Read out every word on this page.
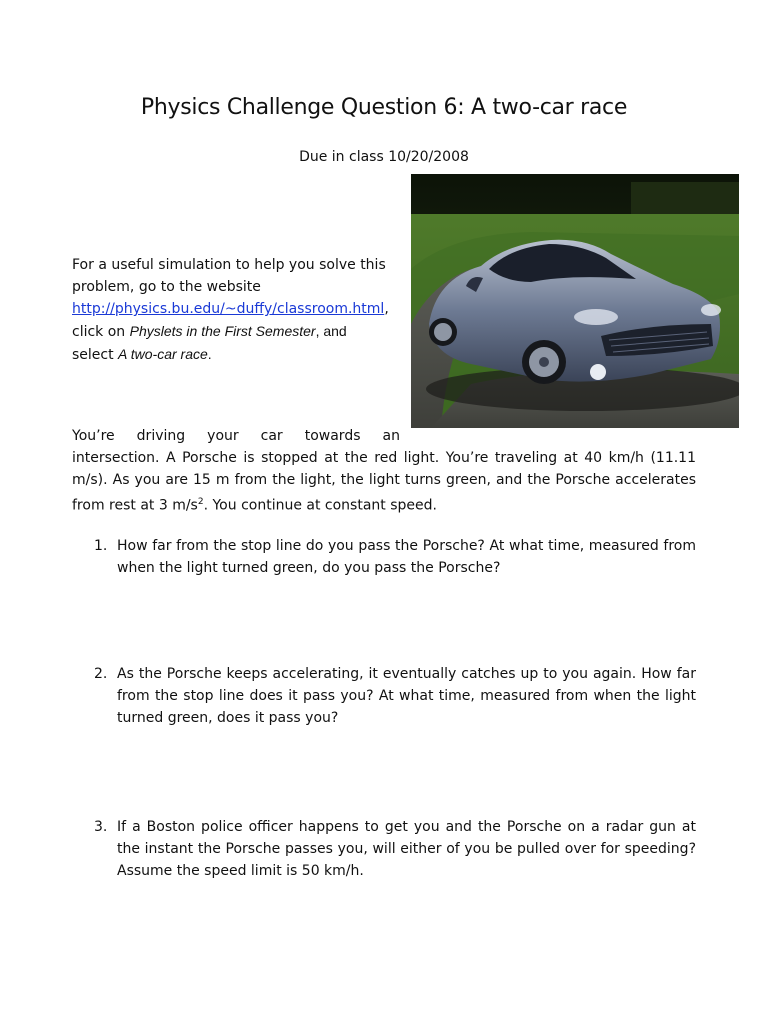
Physics Challenge Question 6: A two-car race
Due in class 10/20/2008
For a useful simulation to help you solve this
problem, go to the website
http://physics.bu.edu/~duffy/classroom.html,
click on Physlets in the First Semester, and
select A two-car race.
You’re driving your car towards an
intersection. A Porsche is stopped at the red light. You’re traveling at 40 km/h (11.11 m/s). As you are 15 m from the light, the light turns green, and the Porsche accelerates from rest at 3 $m/s^2$. You continue at constant speed.
1. How far from the stop line do you pass the Porsche? At what time, measured from when the light turned green, do you pass the Porsche?
2. As the Porsche keeps accelerating, it eventually catches up to you again. How far from the stop line does it pass you? At what time, measured from when the light turned green, does it pass you?
3. If a Boston police officer happens to get you and the Porsche on a radar gun at the instant the Porsche passes you, will either of you be pulled over for speeding? Assume the speed limit is 50 km/h.
